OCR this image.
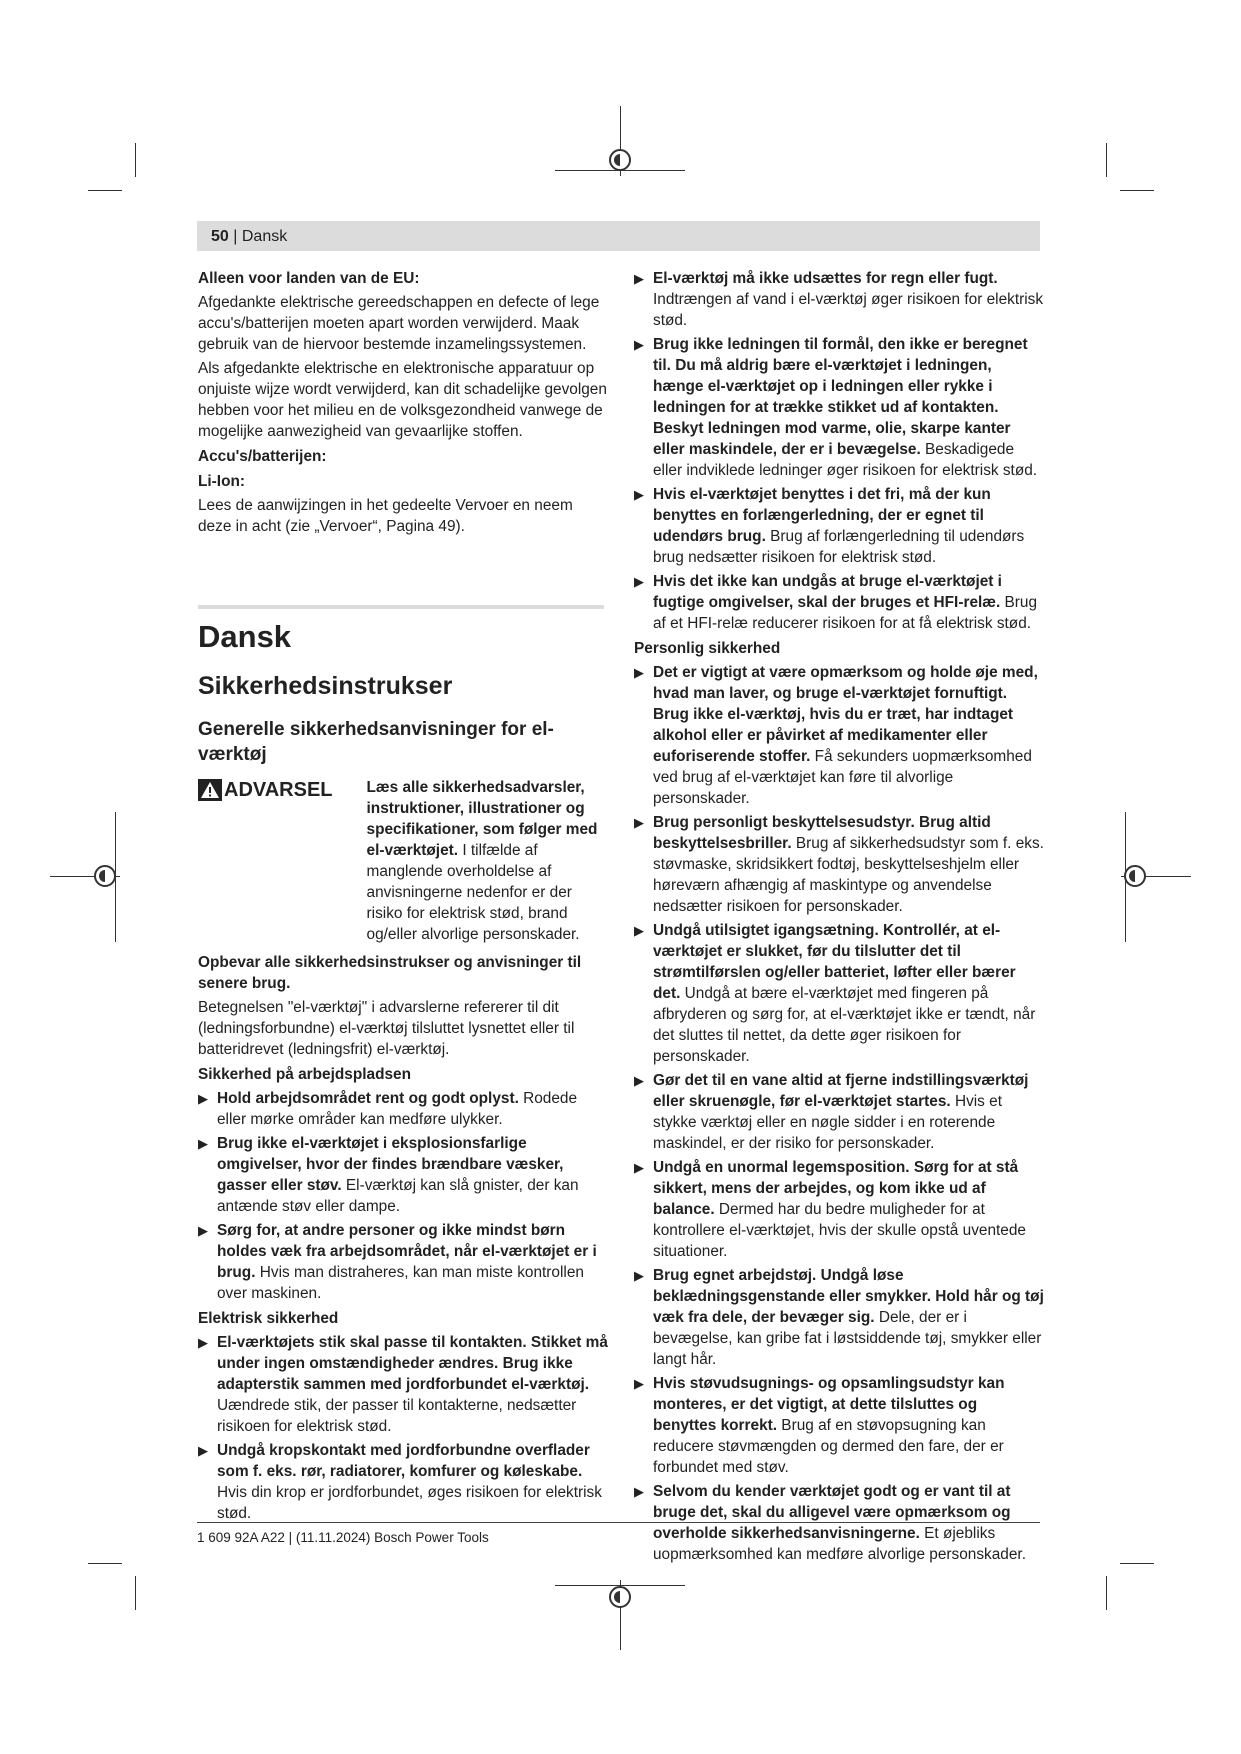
50 | Dansk

Alleen voor landen van de EU:

Afgedankte elektrische gereedschappen en defecte of lege accu's/batterijen moeten apart worden verwijderd. Maak gebruik van de hiervoor bestemde inzamelingssystemen.

Als afgedankte elektrische en elektronische apparatuur op onjuiste wijze wordt verwijderd, kan dit schadelijke gevolgen hebben voor het milieu en de volksgezondheid vanwege de mogelijke aanwezigheid van gevaarlijke stoffen.

Accu's/batterijen:

Li-Ion:

Lees de aanwijzingen in het gedeelte Vervoer en neem deze in acht (zie „Vervoer“, Pagina 49).

Dansk
Sikkerhedsinstrukser
Generelle sikkerhedsanvisninger for el-værktøj
ADVARSEL Læs alle sikkerhedsadvarsler, instruktioner, illustrationer og specifikationer, som følger med el-værktøjet. I tilfælde af manglende overholdelse af anvisningerne nedenfor er der risiko for elektrisk stød, brand og/eller alvorlige personskader.

Opbevar alle sikkerhedsinstrukser og anvisninger til senere brug.

Betegnelsen "el-værktøj" i advarslerne refererer til dit (ledningsforbundne) el-værktøj tilsluttet lysnettet eller til batteridrevet (ledningsfrit) el-værktøj.

Sikkerhed på arbejdspladsen

▶ Hold arbejdsområdet rent og godt oplyst. Rodede eller mørke områder kan medføre ulykker.
▶ Brug ikke el-værktøjet i eksplosionsfarlige omgivelser, hvor der findes brændbare væsker, gasser eller støv. El-værktøj kan slå gnister, der kan antænde støv eller dampe.
▶ Sørg for, at andre personer og ikke mindst børn holdes væk fra arbejdsområdet, når el-værktøjet er i brug. Hvis man distraheres, kan man miste kontrollen over maskinen.

Elektrisk sikkerhed

▶ El-værktøjets stik skal passe til kontakten. Stikket må under ingen omstændigheder ændres. Brug ikke adapterstik sammen med jordforbundet el-værktøj. Uændrede stik, der passer til kontakterne, nedsætter risikoen for elektrisk stød.
▶ Undgå kropskontakt med jordforbundne overflader som f. eks. rør, radiatorer, komfurer og køleskabe. Hvis din krop er jordforbundet, øges risikoen for elektrisk stød.
▶ El-værktøj må ikke udsættes for regn eller fugt. Indtrængen af vand i el-værktøj øger risikoen for elektrisk stød.
▶ Brug ikke ledningen til formål, den ikke er beregnet til. Du må aldrig bære el-værktøjet i ledningen, hænge el-værktøjet op i ledningen eller rykke i ledningen for at trække stikket ud af kontakten. Beskyt ledningen mod varme, olie, skarpe kanter eller maskindele, der er i bevægelse. Beskadigede eller indviklede ledninger øger risikoen for elektrisk stød.
▶ Hvis el-værktøjet benyttes i det fri, må der kun benyttes en forlængerledning, der er egnet til udendørs brug. Brug af forlængerledning til udendørs brug nedsætter risikoen for elektrisk stød.
▶ Hvis det ikke kan undgås at bruge el-værktøjet i fugtige omgivelser, skal der bruges et HFI-relæ. Brug af et HFI-relæ reducerer risikoen for at få elektrisk stød.

Personlig sikkerhed

▶ Det er vigtigt at være opmærksom og holde øje med, hvad man laver, og bruge el-værktøjet fornuftigt. Brug ikke el-værktøj, hvis du er træt, har indtaget alkohol eller er påvirket af medikamenter eller euforiserende stoffer. Få sekunders uopmærksomhed ved brug af el-værktøjet kan føre til alvorlige personskader.
▶ Brug personligt beskyttelsesudstyr. Brug altid beskyttelsesbriller. Brug af sikkerhedsudstyr som f. eks. støvmaske, skridsikkert fodtøj, beskyttelseshjelm eller høreværn afhængig af maskintype og anvendelse nedsætter risikoen for personskader.
▶ Undgå utilsigtet igangsætning. Kontrollér, at el-værktøjet er slukket, før du tilslutter det til strømtilførslen og/eller batteriet, løfter eller bærer det. Undgå at bære el-værktøjet med fingeren på afbryderen og sørg for, at el-værktøjet ikke er tændt, når det sluttes til nettet, da dette øger risikoen for personskader.
▶ Gør det til en vane altid at fjerne indstillingsværktøj eller skruenøgle, før el-værktøjet startes. Hvis et stykke værktøj eller en nøgle sidder i en roterende maskindel, er der risiko for personskader.
▶ Undgå en unormal legemsposition. Sørg for at stå sikkert, mens der arbejdes, og kom ikke ud af balance. Dermed har du bedre muligheder for at kontrollere el-værktøjet, hvis der skulle opstå uventede situationer.
▶ Brug egnet arbejdstøj. Undgå løse beklædningsgenstande eller smykker. Hold hår og tøj væk fra dele, der bevæger sig. Dele, der er i bevægelse, kan gribe fat i løstsiddende tøj, smykker eller langt hår.
▶ Hvis støvudsugnings- og opsamlingsudstyr kan monteres, er det vigtigt, at dette tilsluttes og benyttes korrekt. Brug af en støvopsugning kan reducere støvmængden og dermed den fare, der er forbundet med støv.
▶ Selvom du kender værktøjet godt og er vant til at bruge det, skal du alligevel være opmærksom og overholde sikkerhedsanvisningerne. Et øjebliks uopmærksomhed kan medføre alvorlige personskader.
1 609 92A A22 | (11.11.2024) Bosch Power Tools
